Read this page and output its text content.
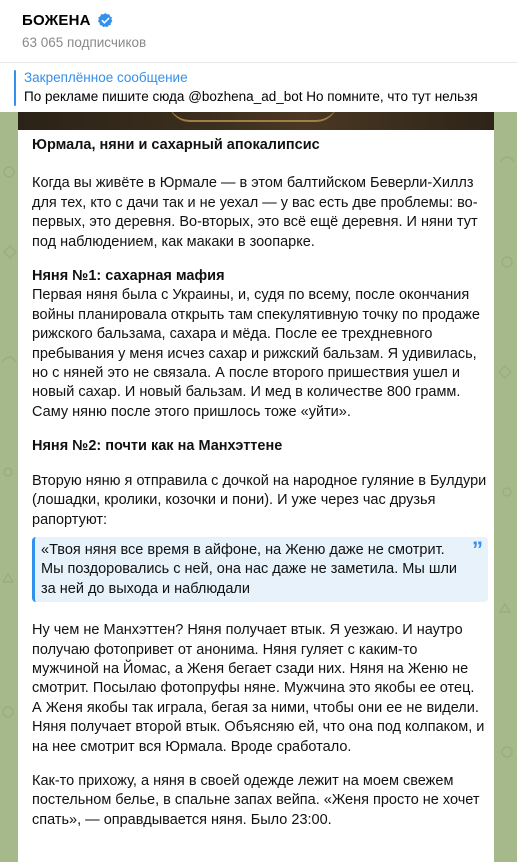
БОЖЕНА
63 065 подписчиков
Закреплённое сообщение
По рекламе пишите сюда @bozhena_ad_bot Но помните, что тут нельзя

Юрмала, няни и сахарный апокалипсис

Когда вы живёте в Юрмале — в этом балтийском Беверли-Хиллз для тех, кто с дачи так и не уехал — у вас есть две проблемы: во-первых, это деревня. Во-вторых, это всё ещё деревня. И няни тут под наблюдением, как макаки в зоопарке.

Няня №1: сахарная мафия

Первая няня была с Украины, и, судя по всему, после окончания войны планировала открыть там спекулятивную точку по продаже рижского бальзама, сахара и мёда. После ее трехдневного пребывания у меня исчез сахар и рижский бальзам. Я удивилась, но с няней это не связала. А после второго пришествия ушел и новый сахар. И новый бальзам. И мед в количестве 800 грамм. Саму няню после этого пришлось тоже «уйти».

Няня №2: почти как на Манхэттене

Вторую няню я отправила с дочкой на народное гуляние в Булдури (лошадки, кролики, козочки и пони). И уже через час друзья рапортуют:

”

«Твоя няня все время в айфоне, на Женю даже не смотрит. Мы поздоровались с ней, она нас даже не заметила. Мы шли за ней до выхода и наблюдали

Ну чем не Манхэттен? Няня получает втык. Я уезжаю. И наутро получаю фотопривет от анонима. Няня гуляет с каким-то мужчиной на Йомас, а Женя бегает сзади них. Няня на Женю не смотрит. Посылаю фотопруфы няне. Мужчина это якобы ее отец. А Женя якобы так играла, бегая за ними, чтобы они ее не видели. Няня получает второй втык. Объясняю ей, что она под колпаком, и на нее смотрит вся Юрмала. Вроде сработало.

Как-то прихожу, а няня в своей одежде лежит на моем свежем постельном белье, в спальне запах вейпа. «Женя просто не хочет спать», — оправдывается няня. Было 23:00.
